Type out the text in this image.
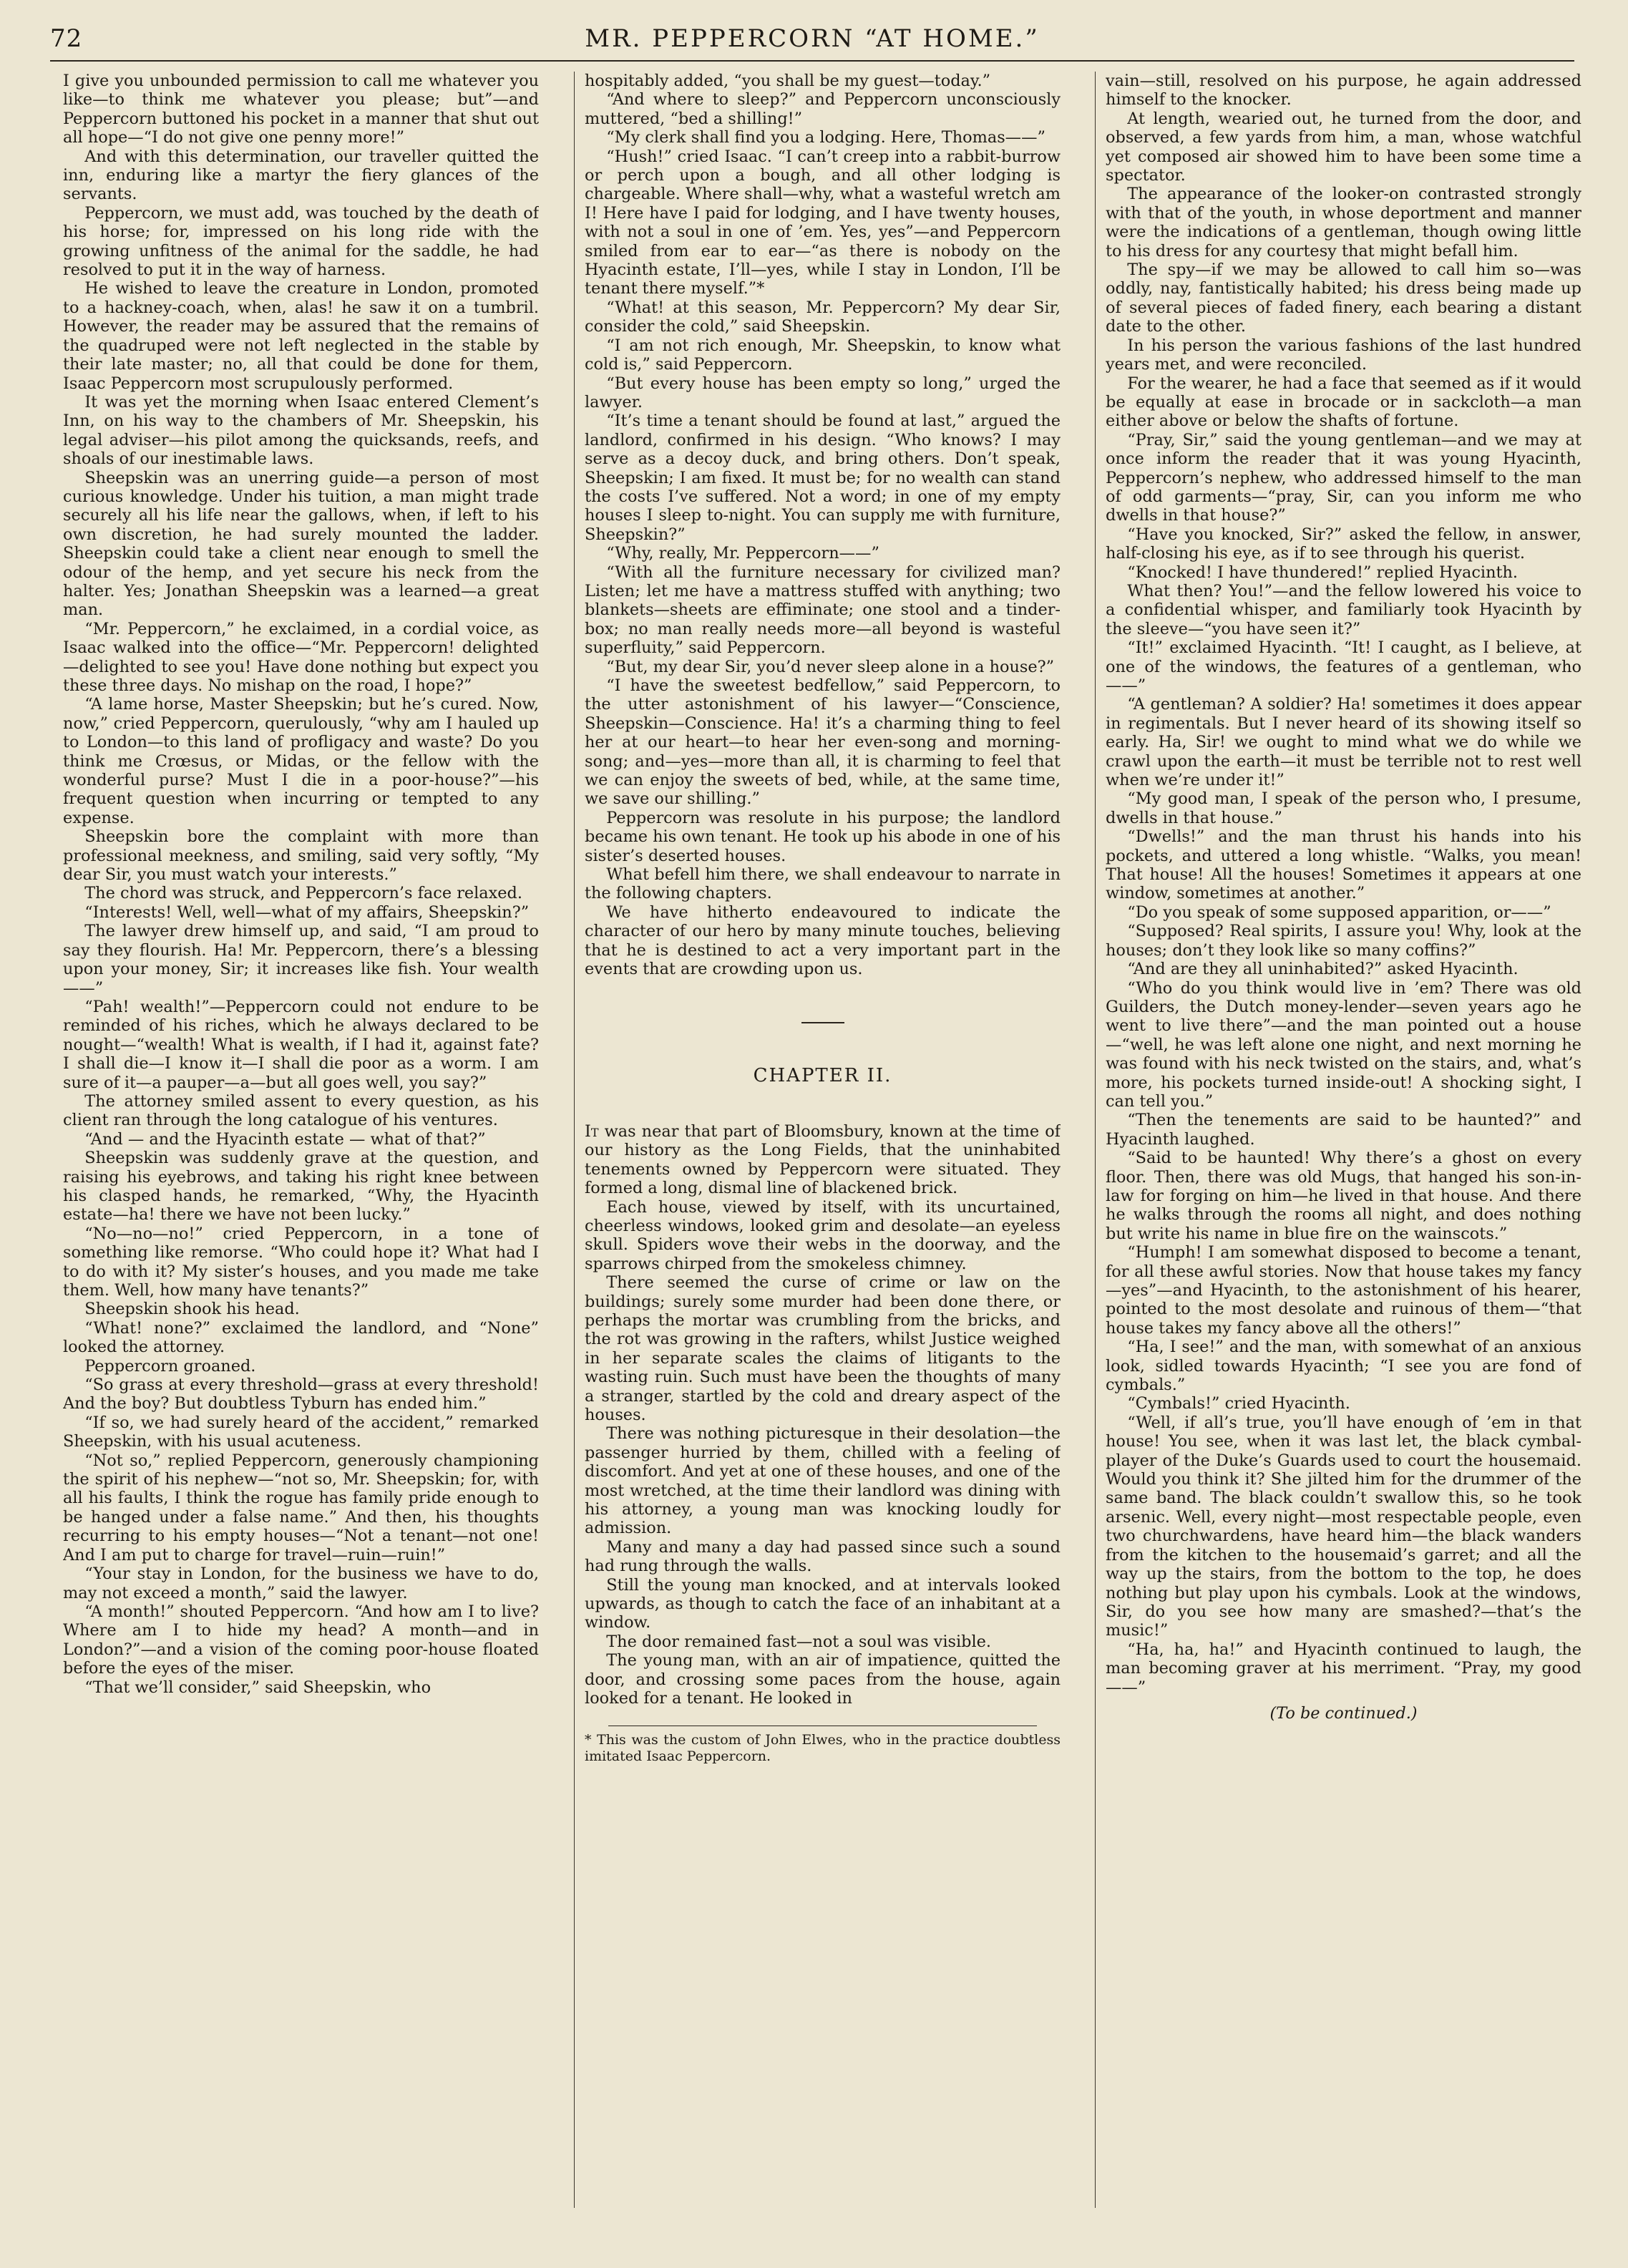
72	MR. PEPPERCORN “AT HOME.”

I give you unbounded permission to call me whatever you like—to think me whatever you please; but”—and Peppercorn buttoned his pocket in a manner that shut out all hope—“I do not give one penny more!”

And with this determination, our traveller quitted the inn, enduring like a martyr the fiery glances of the servants.

Peppercorn, we must add, was touched by the death of his horse; for, impressed on his long ride with the growing unfitness of the animal for the saddle, he had resolved to put it in the way of harness.

He wished to leave the creature in London, promoted to a hackney-coach, when, alas! he saw it on a tumbril. However, the reader may be assured that the remains of the quadruped were not left neglected in the stable by their late master; no, all that could be done for them, Isaac Peppercorn most scrupulously performed.

It was yet the morning when Isaac entered Clement’s Inn, on his way to the chambers of Mr. Sheepskin, his legal adviser—his pilot among the quicksands, reefs, and shoals of our inestimable laws.

Sheepskin was an unerring guide—a person of most curious knowledge. Under his tuition, a man might trade securely all his life near the gallows, when, if left to his own discretion, he had surely mounted the ladder. Sheepskin could take a client near enough to smell the odour of the hemp, and yet secure his neck from the halter. Yes; Jonathan Sheepskin was a learned—a great man.

“Mr. Peppercorn,” he exclaimed, in a cordial voice, as Isaac walked into the office—“Mr. Peppercorn! delighted—delighted to see you! Have done nothing but expect you these three days. No mishap on the road, I hope?”

“A lame horse, Master Sheepskin; but he’s cured. Now, now,” cried Peppercorn, querulously, “why am I hauled up to London—to this land of profligacy and waste? Do you think me Crœsus, or Midas, or the fellow with the wonderful purse? Must I die in a poor-house?”—his frequent question when incurring or tempted to any expense.

Sheepskin bore the complaint with more than professional meekness, and smiling, said very softly, “My dear Sir, you must watch your interests.”

The chord was struck, and Peppercorn’s face relaxed.

“Interests! Well, well—what of my affairs, Sheepskin?”

The lawyer drew himself up, and said, “I am proud to say they flourish. Ha! Mr. Peppercorn, there’s a blessing upon your money, Sir; it increases like fish. Your wealth——”

“Pah! wealth!”—Peppercorn could not endure to be reminded of his riches, which he always declared to be nought—“wealth! What is wealth, if I had it, against fate? I shall die—I know it—I shall die poor as a worm. I am sure of it—a pauper—a—but all goes well, you say?”

The attorney smiled assent to every question, as his client ran through the long catalogue of his ventures.

“And — and the Hyacinth estate — what of that?”

Sheepskin was suddenly grave at the question, and raising his eyebrows, and taking his right knee between his clasped hands, he remarked, “Why, the Hyacinth estate—ha! there we have not been lucky.”

“No—no—no!” cried Peppercorn, in a tone of something like remorse. “Who could hope it? What had I to do with it? My sister’s houses, and you made me take them. Well, how many have tenants?”

Sheepskin shook his head.

“What! none?” exclaimed the landlord, and “None” looked the attorney.

Peppercorn groaned.

“So grass at every threshold—grass at every threshold! And the boy? But doubtless Tyburn has ended him.”

“If so, we had surely heard of the accident,” remarked Sheepskin, with his usual acuteness.

“Not so,” replied Peppercorn, generously championing the spirit of his nephew—“not so, Mr. Sheepskin; for, with all his faults, I think the rogue has family pride enough to be hanged under a false name.” And then, his thoughts recurring to his empty houses—“Not a tenant—not one! And I am put to charge for travel—ruin—ruin!”

“Your stay in London, for the business we have to do, may not exceed a month,” said the lawyer.

“A month!” shouted Peppercorn. “And how am I to live? Where am I to hide my head? A month—and in London?”—and a vision of the coming poor-house floated before the eyes of the miser.

“That we’ll consider,” said Sheepskin, who

hospitably added, “you shall be my guest—today.”

“And where to sleep?” and Peppercorn unconsciously muttered, “bed a shilling!”

“My clerk shall find you a lodging. Here, Thomas——”

“Hush!” cried Isaac. “I can’t creep into a rabbit-burrow or perch upon a bough, and all other lodging is chargeable. Where shall—why, what a wasteful wretch am I! Here have I paid for lodging, and I have twenty houses, with not a soul in one of ’em. Yes, yes”—and Peppercorn smiled from ear to ear—“as there is nobody on the Hyacinth estate, I’ll—yes, while I stay in London, I’ll be tenant there myself.”*

“What! at this season, Mr. Peppercorn? My dear Sir, consider the cold,” said Sheepskin.

“I am not rich enough, Mr. Sheepskin, to know what cold is,” said Peppercorn.

“But every house has been empty so long,” urged the lawyer.

“It’s time a tenant should be found at last,” argued the landlord, confirmed in his design. “Who knows? I may serve as a decoy duck, and bring others. Don’t speak, Sheepskin; I am fixed. It must be; for no wealth can stand the costs I’ve suffered. Not a word; in one of my empty houses I sleep to-night. You can supply me with furniture, Sheepskin?”

“Why, really, Mr. Peppercorn——”

“With all the furniture necessary for civilized man? Listen; let me have a mattress stuffed with anything; two blankets—sheets are effiminate; one stool and a tinder-box; no man really needs more—all beyond is wasteful superfluity,” said Peppercorn.

“But, my dear Sir, you’d never sleep alone in a house?”

“I have the sweetest bedfellow,” said Peppercorn, to the utter astonishment of his lawyer—“Conscience, Sheepskin—Conscience. Ha! it’s a charming thing to feel her at our heart—to hear her even-song and morning-song; and—yes—more than all, it is charming to feel that we can enjoy the sweets of bed, while, at the same time, we save our shilling.”

Peppercorn was resolute in his purpose; the landlord became his own tenant. He took up his abode in one of his sister’s deserted houses.

What befell him there, we shall endeavour to narrate in the following chapters.

We have hitherto endeavoured to indicate the character of our hero by many minute touches, believing that he is destined to act a very important part in the events that are crowding upon us.

CHAPTER II.

It was near that part of Bloomsbury, known at the time of our history as the Long Fields, that the uninhabited tenements owned by Peppercorn were situated. They formed a long, dismal line of blackened brick.

Each house, viewed by itself, with its uncurtained, cheerless windows, looked grim and desolate—an eyeless skull. Spiders wove their webs in the doorway, and the sparrows chirped from the smokeless chimney.

There seemed the curse of crime or law on the buildings; surely some murder had been done there, or perhaps the mortar was crumbling from the bricks, and the rot was growing in the rafters, whilst Justice weighed in her separate scales the claims of litigants to the wasting ruin. Such must have been the thoughts of many a stranger, startled by the cold and dreary aspect of the houses.

There was nothing picturesque in their desolation—the passenger hurried by them, chilled with a feeling of discomfort. And yet at one of these houses, and one of the most wretched, at the time their landlord was dining with his attorney, a young man was knocking loudly for admission.

Many and many a day had passed since such a sound had rung through the walls.

Still the young man knocked, and at intervals looked upwards, as though to catch the face of an inhabitant at a window.

The door remained fast—not a soul was visible.

The young man, with an air of impatience, quitted the door, and crossing some paces from the house, again looked for a tenant. He looked in

* This was the custom of John Elwes, who in the practice doubtless imitated Isaac Peppercorn.

vain—still, resolved on his purpose, he again addressed himself to the knocker.

At length, wearied out, he turned from the door, and observed, a few yards from him, a man, whose watchful yet composed air showed him to have been some time a spectator.

The appearance of the looker-on contrasted strongly with that of the youth, in whose deportment and manner were the indications of a gentleman, though owing little to his dress for any courtesy that might befall him.

The spy—if we may be allowed to call him so—was oddly, nay, fantistically habited; his dress being made up of several pieces of faded finery, each bearing a distant date to the other.

In his person the various fashions of the last hundred years met, and were reconciled.

For the wearer, he had a face that seemed as if it would be equally at ease in brocade or in sackcloth—a man either above or below the shafts of fortune.

“Pray, Sir,” said the young gentleman—and we may at once inform the reader that it was young Hyacinth, Peppercorn’s nephew, who addressed himself to the man of odd garments—“pray, Sir, can you inform me who dwells in that house?”

“Have you knocked, Sir?” asked the fellow, in answer, half-closing his eye, as if to see through his querist.

“Knocked! I have thundered!” replied Hyacinth.

What then? You!”—and the fellow lowered his voice to a confidential whisper, and familiarly took Hyacinth by the sleeve—“you have seen it?”

“It!” exclaimed Hyacinth. “It! I caught, as I believe, at one of the windows, the features of a gentleman, who——”

“A gentleman? A soldier? Ha! sometimes it does appear in regimentals. But I never heard of its showing itself so early. Ha, Sir! we ought to mind what we do while we crawl upon the earth—it must be terrible not to rest well when we’re under it!”

“My good man, I speak of the person who, I presume, dwells in that house.”

“Dwells!” and the man thrust his hands into his pockets, and uttered a long whistle. “Walks, you mean! That house! All the houses! Sometimes it appears at one window, sometimes at another.”

“Do you speak of some supposed apparition, or——”

“Supposed? Real spirits, I assure you! Why, look at the houses; don’t they look like so many coffins?”

“And are they all uninhabited?” asked Hyacinth.

“Who do you think would live in ’em? There was old Guilders, the Dutch money-lender—seven years ago he went to live there”—and the man pointed out a house—“well, he was left alone one night, and next morning he was found with his neck twisted on the stairs, and, what’s more, his pockets turned inside-out! A shocking sight, I can tell you.”

“Then the tenements are said to be haunted?” and Hyacinth laughed.

“Said to be haunted! Why there’s a ghost on every floor. Then, there was old Mugs, that hanged his son-in-law for forging on him—he lived in that house. And there he walks through the rooms all night, and does nothing but write his name in blue fire on the wainscots.”

“Humph! I am somewhat disposed to become a tenant, for all these awful stories. Now that house takes my fancy—yes”—and Hyacinth, to the astonishment of his hearer, pointed to the most desolate and ruinous of them—“that house takes my fancy above all the others!”

“Ha, I see!” and the man, with somewhat of an anxious look, sidled towards Hyacinth; “I see you are fond of cymbals.”

“Cymbals!” cried Hyacinth.

“Well, if all’s true, you’ll have enough of ’em in that house! You see, when it was last let, the black cymbal-player of the Duke’s Guards used to court the housemaid. Would you think it? She jilted him for the drummer of the same band. The black couldn’t swallow this, so he took arsenic. Well, every night—most respectable people, even two churchwardens, have heard him—the black wanders from the kitchen to the housemaid’s garret; and all the way up the stairs, from the bottom to the top, he does nothing but play upon his cymbals. Look at the windows, Sir, do you see how many are smashed?—that’s the music!”

“Ha, ha, ha!” and Hyacinth continued to laugh, the man becoming graver at his merriment. “Pray, my good——”

(To be continued.)
